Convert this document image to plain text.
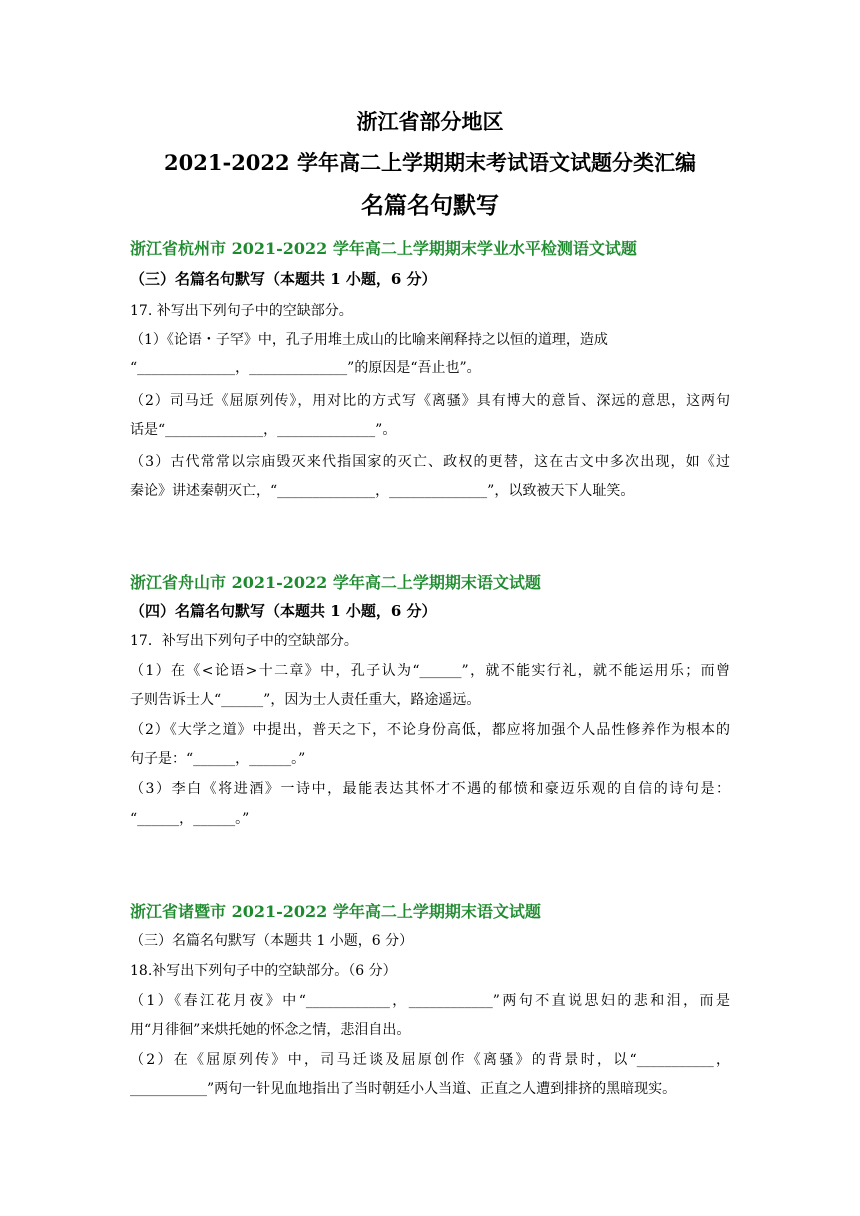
浙江省部分地区
2021-2022 学年高二上学期期末考试语文试题分类汇编
名篇名句默写
浙江省杭州市 2021-2022 学年高二上学期期末学业水平检测语文试题
（三）名篇名句默写（本题共 1 小题，6 分）
17. 补写出下列句子中的空缺部分。
（1）《论语・子罕》中，孔子用堆土成山的比喻来阐释持之以恒的道理，造成
“______________，______________”的原因是“吾止也”。
（2）司马迁《屈原列传》，用对比的方式写《离骚》具有博大的意旨、深远的意思，这两句
话是“______________，______________”。
（3）古代常常以宗庙毁灭来代指国家的灭亡、政权的更替，这在古文中多次出现，如《过
秦论》讲述秦朝灭亡，“______________，______________”，以致被天下人耻笑。
浙江省舟山市 2021-2022 学年高二上学期期末语文试题
（四）名篇名句默写（本题共 1 小题，6 分）
17．补写出下列句子中的空缺部分。
（1）在《<论语>十二章》中，孔子认为“______”，就不能实行礼，就不能运用乐；而曾
子则告诉士人“______”，因为士人责任重大，路途遥远。
（2）《大学之道》中提出，普天之下，不论身份高低，都应将加强个人品性修养作为根本的
句子是：“______，______。”
（3）李白《将进酒》一诗中，最能表达其怀才不遇的郁愤和豪迈乐观的自信的诗句是：
“______，______。”
浙江省诸暨市 2021-2022 学年高二上学期期末语文试题
（三）名篇名句默写（本题共 1 小题，6 分）
18.补写出下列句子中的空缺部分。（6 分）
（1）《春江花月夜》中“____________，____________”两句不直说思妇的悲和泪，而是
用“月徘徊”来烘托她的怀念之情，悲泪自出。
（2）在《屈原列传》中，司马迁谈及屈原创作《离骚》的背景时，以“___________，
___________”两句一针见血地指出了当时朝廷小人当道、正直之人遭到排挤的黑暗现实。
